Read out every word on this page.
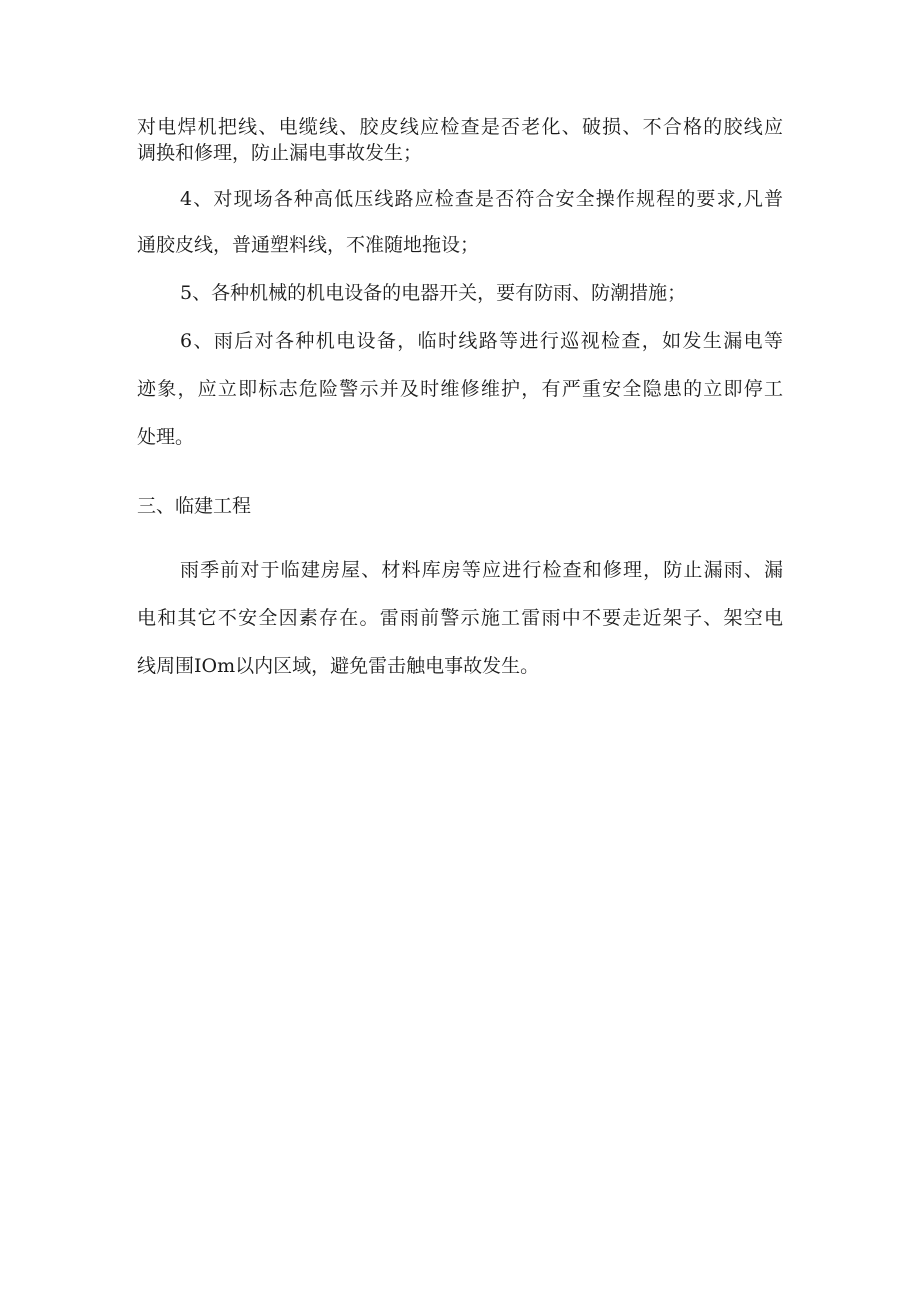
对电焊机把线、电缆线、胶皮线应检查是否老化、破损、不合格的胶线应
调换和修理，防止漏电事故发生；
4、对现场各种高低压线路应检查是否符合安全操作规程的要求,凡普
通胶皮线，普通塑料线，不准随地拖设；
5、各种机械的机电设备的电器开关，要有防雨、防潮措施；
6、雨后对各种机电设备，临时线路等进行巡视检查，如发生漏电等
迹象，应立即标志危险警示并及时维修维护，有严重安全隐患的立即停工
处理。
三、临建工程
雨季前对于临建房屋、材料库房等应进行检查和修理，防止漏雨、漏
电和其它不安全因素存在。雷雨前警示施工雷雨中不要走近架子、架空电
线周围IOm以内区域，避免雷击触电事故发生。
